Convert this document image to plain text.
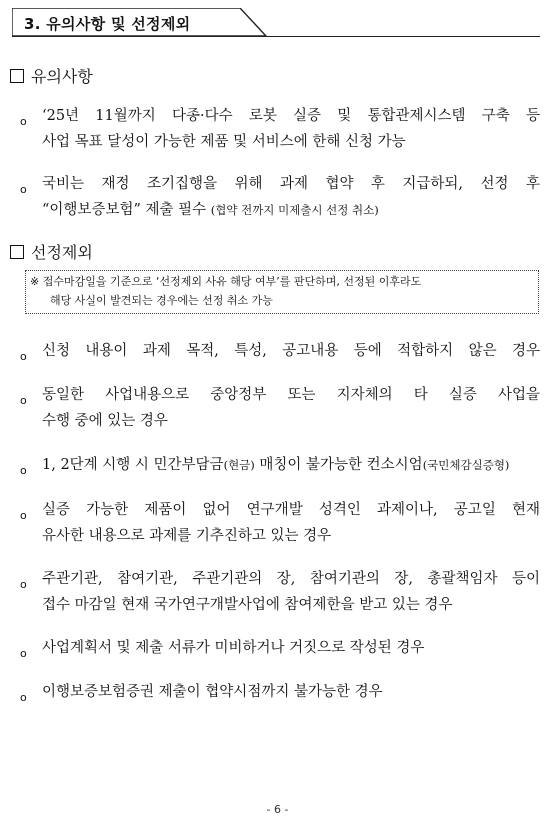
3. 유의사항 및 선정제외
유의사항
o ‘25년 11월까지 다종·다수 로봇 실증 및 통합관제시스템 구축 등
사업 목표 달성이 가능한 제품 및 서비스에 한해 신청 가능
o 국비는 재정 조기집행을 위해 과제 협약 후 지급하되, 선정 후
“이행보증보험” 제출 필수 (협약 전까지 미제출시 선정 취소)
선정제외
※ 접수마감일을 기준으로 ‘선정제외 사유 해당 여부’를 판단하며, 선정된 이후라도
해당 사실이 발견되는 경우에는 선정 취소 가능
o 신청 내용이 과제 목적, 특성, 공고내용 등에 적합하지 않은 경우
o 동일한 사업내용으로 중앙정부 또는 지자체의 타 실증 사업을
수행 중에 있는 경우
o 1, 2단계 시행 시 민간부담금(현금) 매칭이 불가능한 컨소시엄(국민체감실증형)
o 실증 가능한 제품이 없어 연구개발 성격인 과제이나, 공고일 현재
유사한 내용으로 과제를 기추진하고 있는 경우
o 주관기관, 참여기관, 주관기관의 장, 참여기관의 장, 총괄책임자 등이
접수 마감일 현재 국가연구개발사업에 참여제한을 받고 있는 경우
o 사업계획서 및 제출 서류가 미비하거나 거짓으로 작성된 경우
o 이행보증보험증권 제출이 협약시점까지 불가능한 경우
- 6 -
